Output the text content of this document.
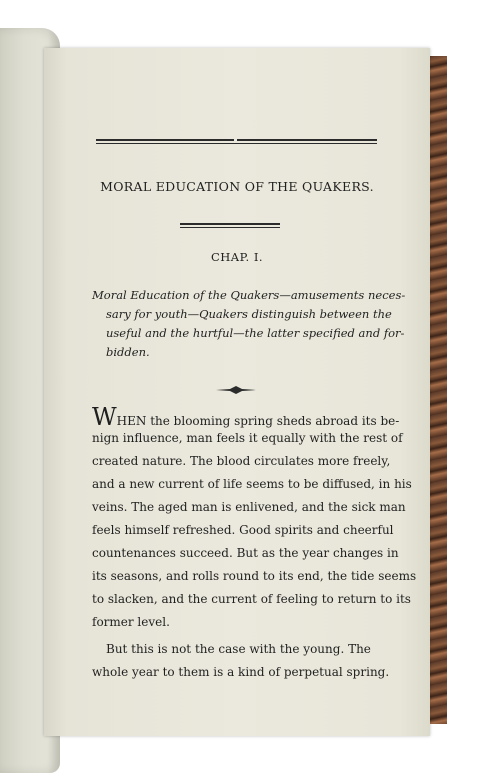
MORAL EDUCATION OF THE QUAKERS.
CHAP. I.
Moral Education of the Quakers—amusements neces-
sary for youth—Quakers distinguish between the
useful and the hurtful—the latter specified and for-
bidden.
WHEN the blooming spring sheds abroad its be-
nign influence, man feels it equally with the rest of
created nature. The blood circulates more freely,
and a new current of life seems to be diffused, in his
veins. The aged man is enlivened, and the sick man
feels himself refreshed. Good spirits and cheerful
countenances succeed. But as the year changes in
its seasons, and rolls round to its end, the tide seems
to slacken, and the current of feeling to return to its
former level.
But this is not the case with the young. The
whole year to them is a kind of perpetual spring.
